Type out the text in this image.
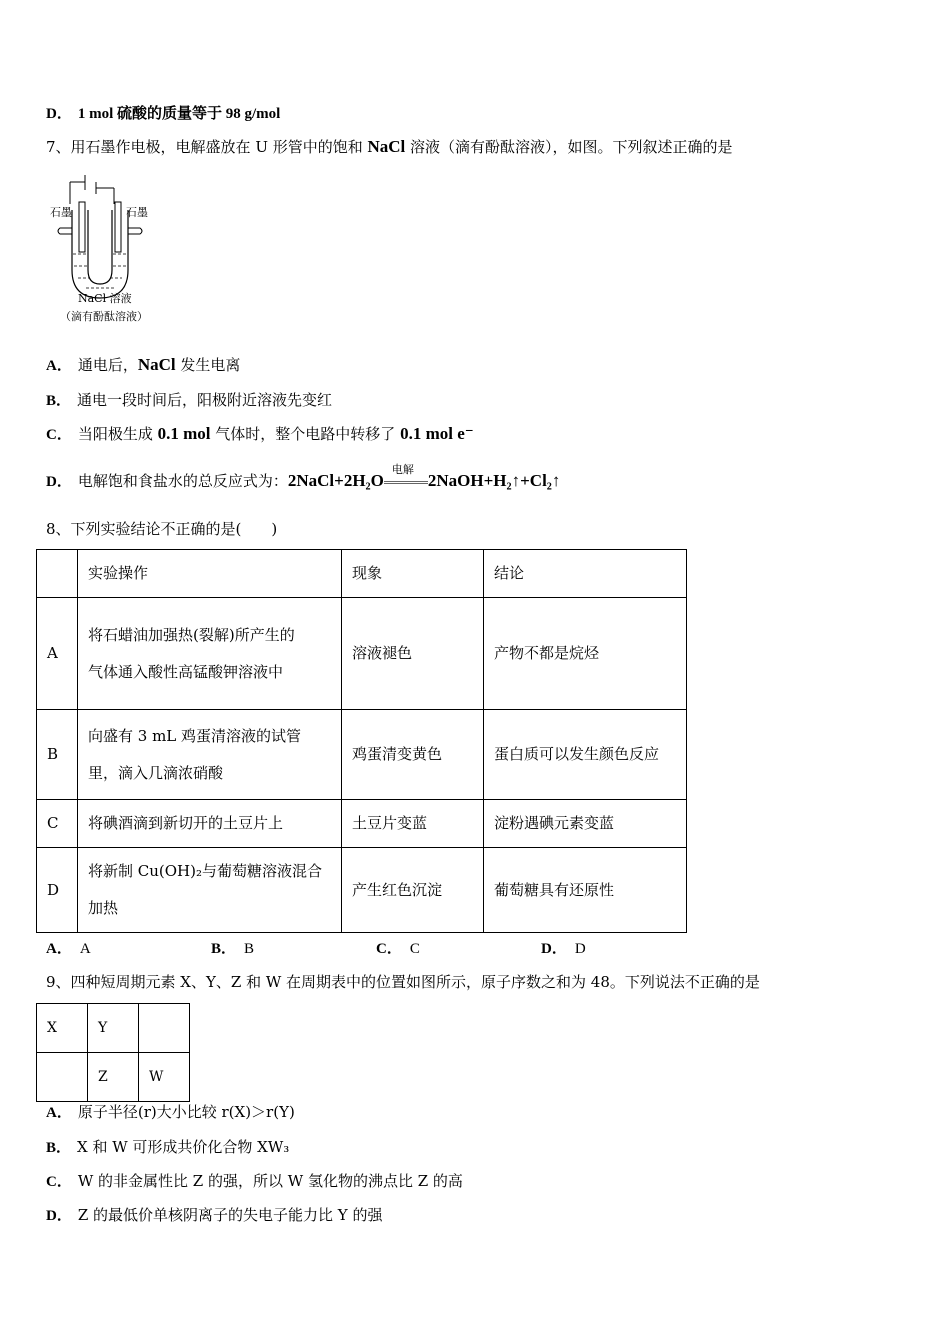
D． 1 mol 硫酸的质量等于 98 g/mol
7、用石墨作电极，电解盛放在 U 形管中的饱和 NaCl 溶液（滴有酚酞溶液），如图。下列叙述正确的是
石墨	石墨
NaCl 溶液
（滴有酚酞溶液）
A． 通电后，NaCl 发生电离
B． 通电一段时间后，阳极附近溶液先变红
C． 当阳极生成 0.1 mol 气体时，整个电路中转移了 0.1 mol e⁻
D． 电解饱和食盐水的总反应式为：2NaCl+2H₂O
电解
2NaOH+H₂↑+Cl₂↑
8、下列实验结论不正确的是(　　)
	实验操作	现象	结论
A	将石蜡油加强热(裂解)所产生的
气体通入酸性高锰酸钾溶液中	溶液褪色	产物不都是烷烃
B	向盛有 3 mL 鸡蛋清溶液的试管
里，滴入几滴浓硝酸	鸡蛋清变黄色	蛋白质可以发生颜色反应
C	将碘酒滴到新切开的土豆片上	土豆片变蓝	淀粉遇碘元素变蓝
D	将新制 Cu(OH)₂与葡萄糖溶液混合
加热	产生红色沉淀	葡萄糖具有还原性
A． A	B． B	C． C	D． D
9、四种短周期元素 X、Y、Z 和 W 在周期表中的位置如图所示，原子序数之和为 48。下列说法不正确的是
X	Y	
	Z	W
A． 原子半径(r)大小比较 r(X)＞r(Y)
B． X 和 W 可形成共价化合物 XW₃
C． W 的非金属性比 Z 的强，所以 W 氢化物的沸点比 Z 的高
D． Z 的最低价单核阴离子的失电子能力比 Y 的强
